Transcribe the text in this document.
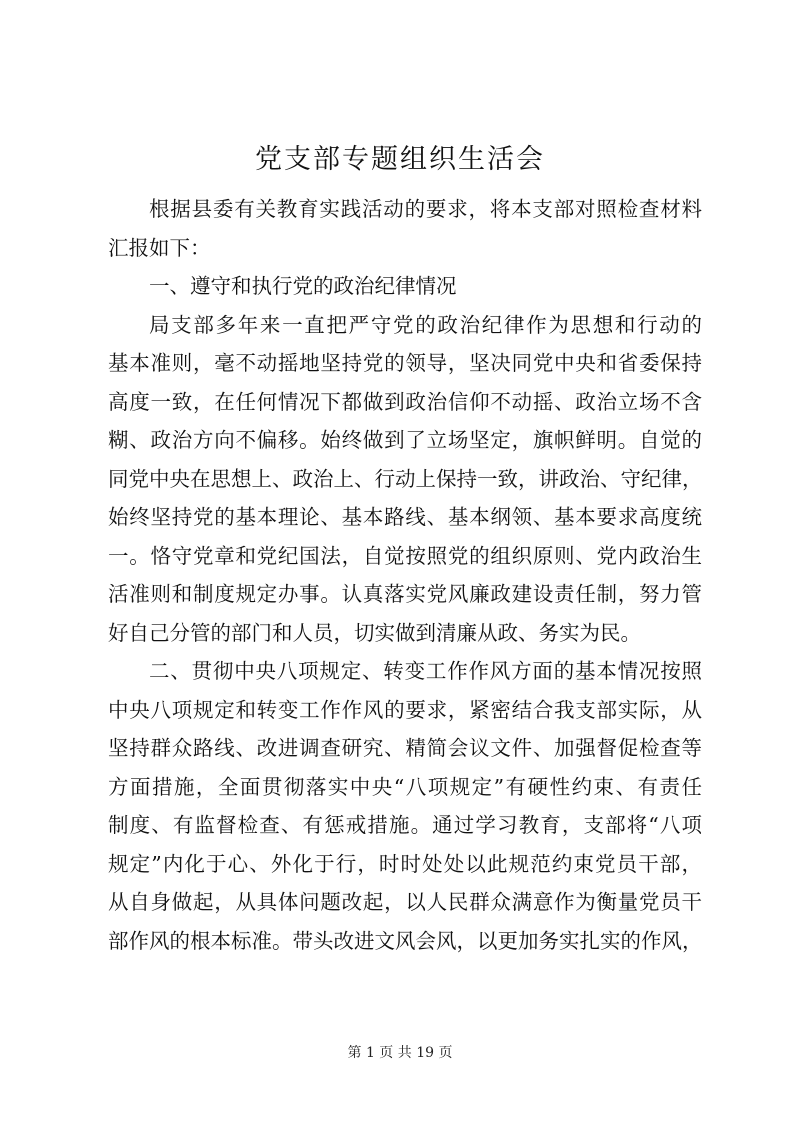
党支部专题组织生活会
根据县委有关教育实践活动的要求，将本支部对照检查材料
汇报如下：
一、遵守和执行党的政治纪律情况
局支部多年来一直把严守党的政治纪律作为思想和行动的
基本准则，毫不动摇地坚持党的领导，坚决同党中央和省委保持
高度一致，在任何情况下都做到政治信仰不动摇、政治立场不含
糊、政治方向不偏移。始终做到了立场坚定，旗帜鲜明。自觉的
同党中央在思想上、政治上、行动上保持一致，讲政治、守纪律，
始终坚持党的基本理论、基本路线、基本纲领、基本要求高度统
一。恪守党章和党纪国法，自觉按照党的组织原则、党内政治生
活准则和制度规定办事。认真落实党风廉政建设责任制，努力管
好自己分管的部门和人员，切实做到清廉从政、务实为民。
二、贯彻中央八项规定、转变工作作风方面的基本情况按照
中央八项规定和转变工作作风的要求，紧密结合我支部实际，从
坚持群众路线、改进调查研究、精简会议文件、加强督促检查等
方面措施，全面贯彻落实中央“八项规定”有硬性约束、有责任
制度、有监督检查、有惩戒措施。通过学习教育，支部将“八项
规定”内化于心、外化于行，时时处处以此规范约束党员干部，
从自身做起，从具体问题改起，以人民群众满意作为衡量党员干
部作风的根本标准。带头改进文风会风，以更加务实扎实的作风，
第 1 页 共 19 页
